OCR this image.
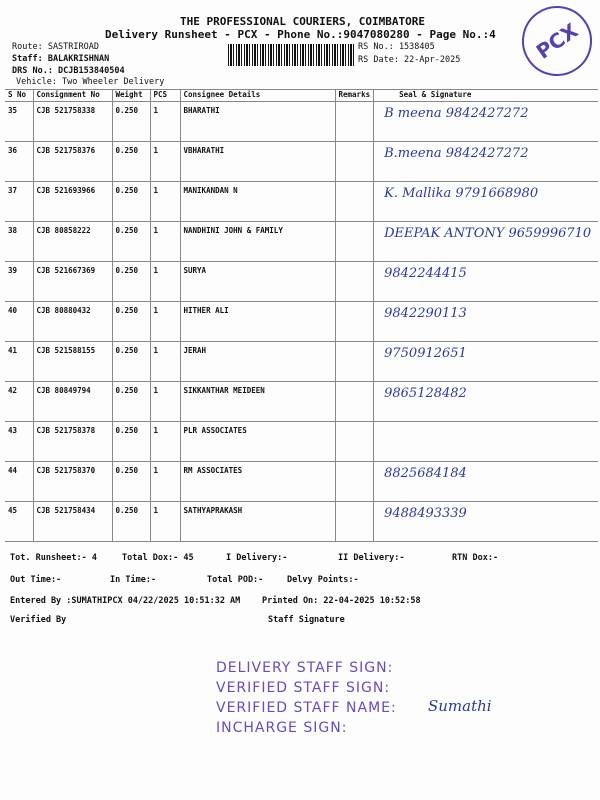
THE PROFESSIONAL COURIERS, COIMBATORE
Delivery Runsheet - PCX - Phone No.:9047080280 - Page No.:4
Route: SASTRIROAD
Staff: BALAKRISHNAN
DRS No.: DCJB153840504
Vehicle: Two Wheeler Delivery
RS No.: 1538405
RS Date: 22-Apr-2025	PCX
S No	Consignment No	Weight	PCS	Consignee Details	Remarks	Seal & Signature
35	CJB 521758338	0.250	1	BHARATHI		B meena 9842427272
36	CJB 521758376	0.250	1	VBHARATHI		B.meena 9842427272
37	CJB 521693966	0.250	1	MANIKANDAN N		K. Mallika 9791668980
38	CJB 80858222	0.250	1	NANDHINI JOHN & FAMILY		DEEPAK ANTONY 9659996710
39	CJB 521667369	0.250	1	SURYA		9842244415
40	CJB 80880432	0.250	1	HITHER ALI		9842290113
41	CJB 521588155	0.250	1	JERAH		9750912651
42	CJB 80849794	0.250	1	SIKKANTHAR MEIDEEN		9865128482
43	CJB 521758378	0.250	1	PLR ASSOCIATES		
44	CJB 521758370	0.250	1	RM ASSOCIATES		8825684184
45	CJB 521758434	0.250	1	SATHYAPRAKASH		9488493339
Tot. Runsheet:- 4	Total Dox:- 45	I Delivery:-	II Delivery:-	RTN Dox:-
Out Time:-	In Time:-	Total POD:-	Delvy Points:-
Entered By :SUMATHIPCX 04/22/2025 10:51:32 AM	Printed On: 22-04-2025 10:52:58
Verified By	Staff Signature
DELIVERY STAFF SIGN:
VERIFIED STAFF SIGN:
VERIFIED STAFF NAME:
INCHARGE SIGN:
Sumathi
